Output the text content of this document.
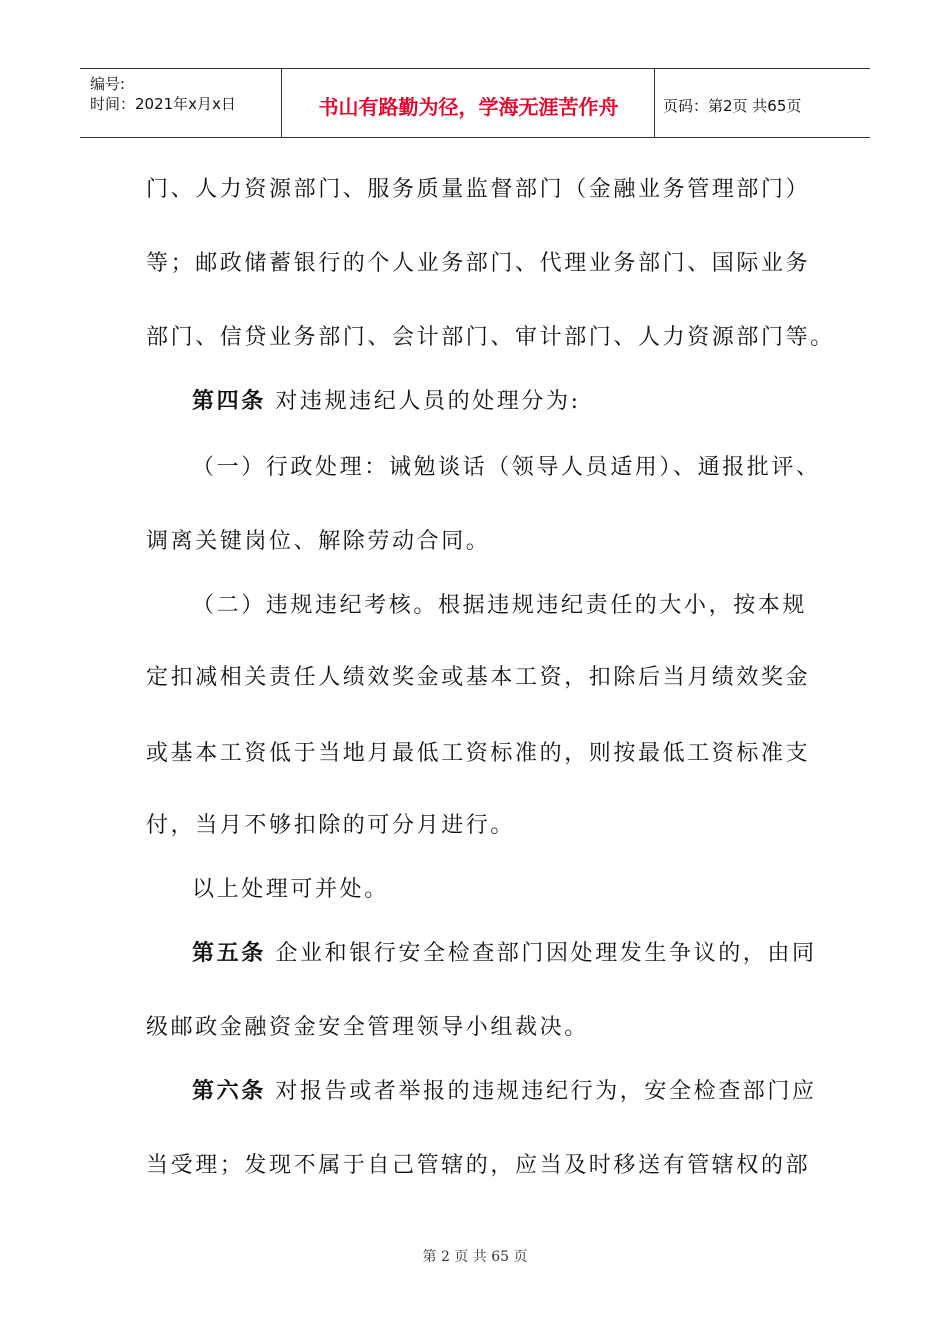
编号:
时间：2021年x月x日	书山有路勤为径，学海无涯苦作舟	页码：第2页 共65页

门、人力资源部门、服务质量监督部门（金融业务管理部门）

等；邮政储蓄银行的个人业务部门、代理业务部门、国际业务

部门、信贷业务部门、会计部门、审计部门、人力资源部门等。

第四条 对违规违纪人员的处理分为:

（一）行政处理：诫勉谈话（领导人员适用）、通报批评、

调离关键岗位、解除劳动合同。

（二）违规违纪考核。根据违规违纪责任的大小，按本规

定扣减相关责任人绩效奖金或基本工资，扣除后当月绩效奖金

或基本工资低于当地月最低工资标准的，则按最低工资标准支

付，当月不够扣除的可分月进行。

以上处理可并处。

第五条 企业和银行安全检查部门因处理发生争议的，由同

级邮政金融资金安全管理领导小组裁决。

第六条 对报告或者举报的违规违纪行为，安全检查部门应

当受理；发现不属于自己管辖的，应当及时移送有管辖权的部

第 2 页 共 65 页
